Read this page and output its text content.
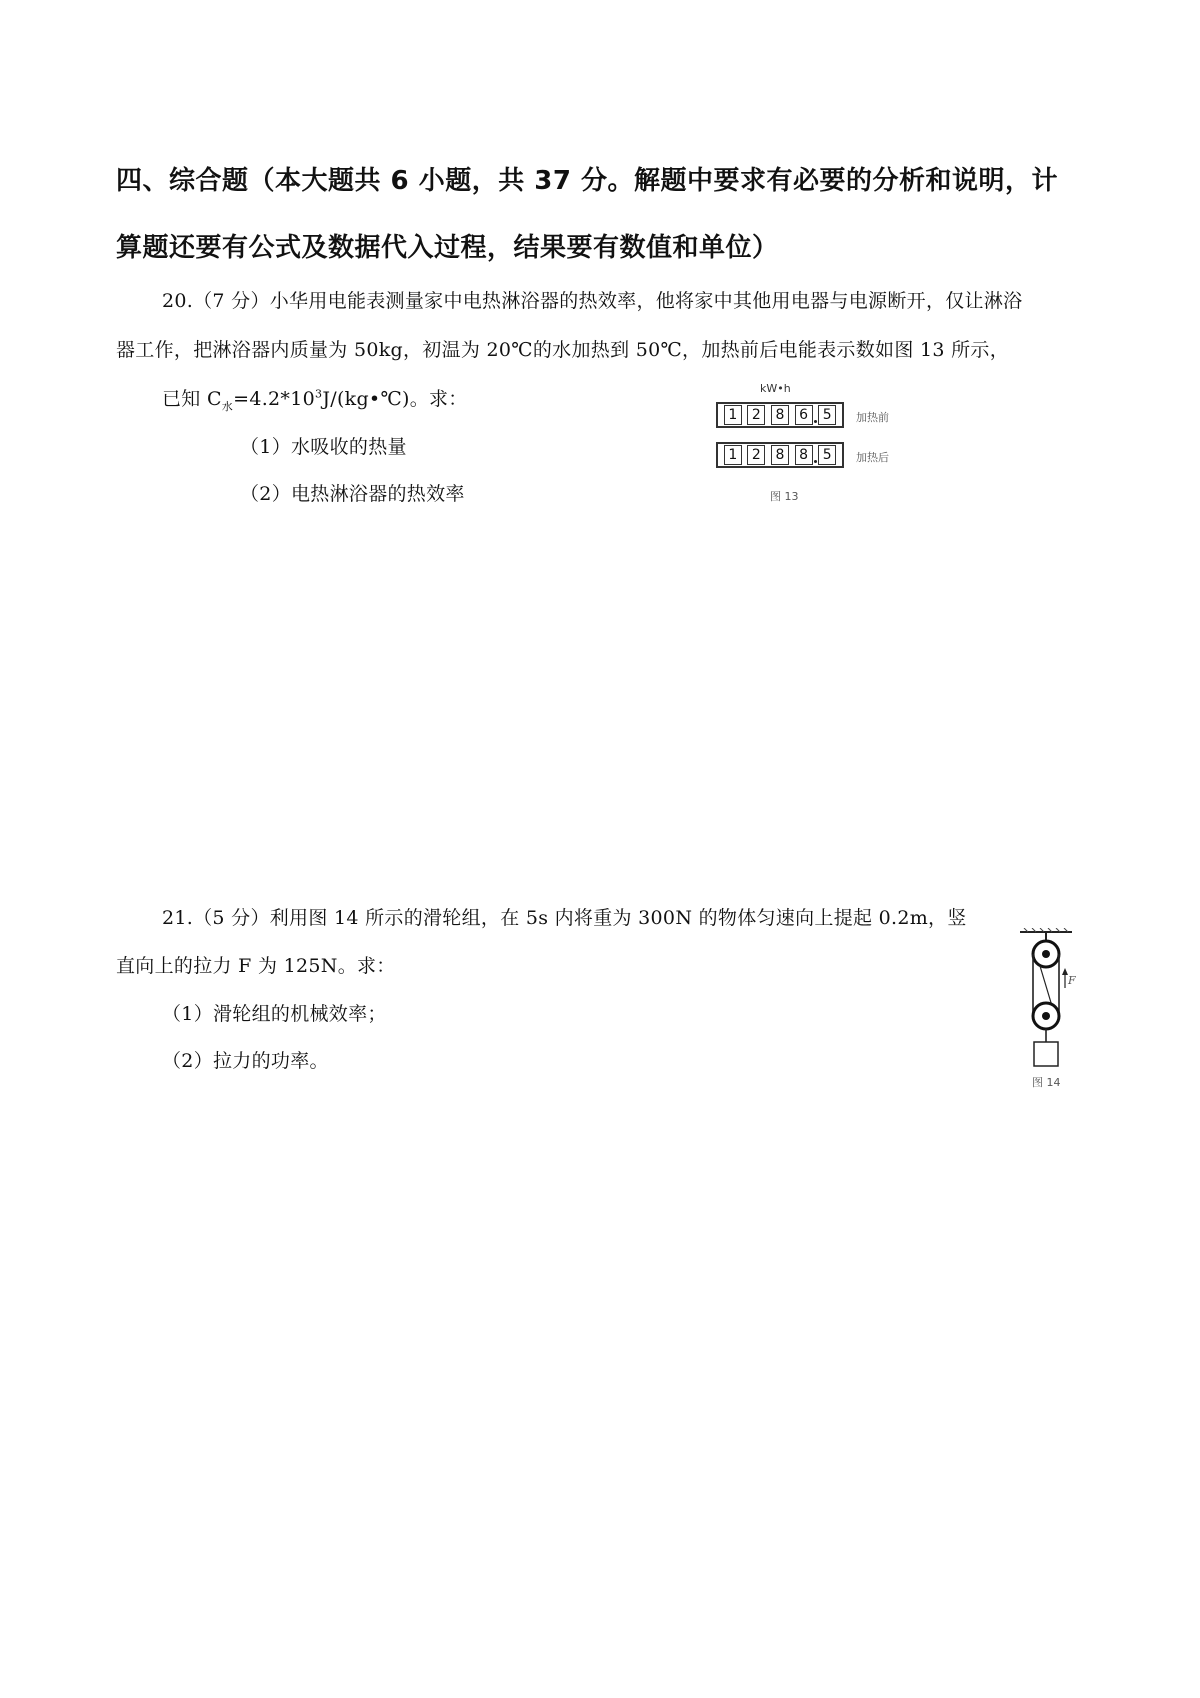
四、综合题（本大题共 6 小题，共 37 分。解题中要求有必要的分析和说明，计
算题还要有公式及数据代入过程，结果要有数值和单位）
20.（7 分）小华用电能表测量家中电热淋浴器的热效率，他将家中其他用电器与电源断开，仅让淋浴
器工作，把淋浴器内质量为 50kg，初温为 20℃的水加热到 50℃，加热前后电能表示数如图 13 所示，
已知 $C_水=4.2*10^3J/(kg•℃)$。求：
（1）水吸收的热量
（2）电热淋浴器的热效率
kW•h
1	2	8	6	5	加热前
1	2	8	8	5	加热后
图 13
21.（5 分）利用图 14 所示的滑轮组，在 5s 内将重为 300N 的物体匀速向上提起 0.2m，竖
直向上的拉力 F 为 125N。求：
（1）滑轮组的机械效率；
（2）拉力的功率。
F
图 14
